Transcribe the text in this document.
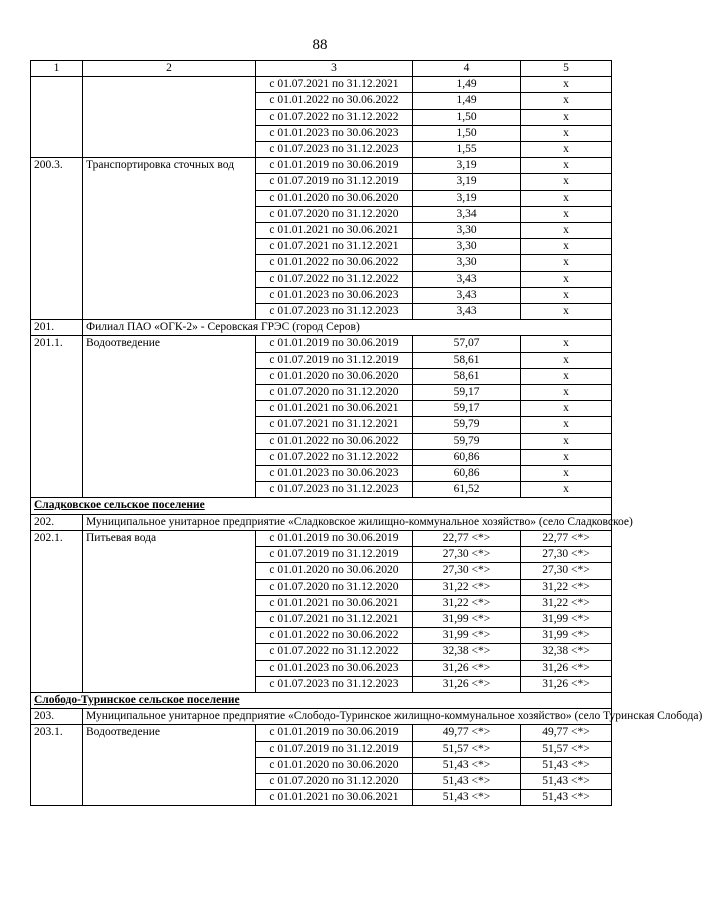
88
1	2	3	4	5
		с 01.07.2021 по 31.12.2021	1,49	х
		с 01.01.2022 по 30.06.2022	1,49	х
		с 01.07.2022 по 31.12.2022	1,50	х
		с 01.01.2023 по 30.06.2023	1,50	х
		с 01.07.2023 по 31.12.2023	1,55	х
200.3.	Транспортировка сточных вод	с 01.01.2019 по 30.06.2019	3,19	х
		с 01.07.2019 по 31.12.2019	3,19	х
		с 01.01.2020 по 30.06.2020	3,19	х
		с 01.07.2020 по 31.12.2020	3,34	х
		с 01.01.2021 по 30.06.2021	3,30	х
		с 01.07.2021 по 31.12.2021	3,30	х
		с 01.01.2022 по 30.06.2022	3,30	х
		с 01.07.2022 по 31.12.2022	3,43	х
		с 01.01.2023 по 30.06.2023	3,43	х
		с 01.07.2023 по 31.12.2023	3,43	х
201.	Филиал ПАО «ОГК-2» - Серовская ГРЭС (город Серов)			
201.1.	Водоотведение	с 01.01.2019 по 30.06.2019	57,07	х
		с 01.07.2019 по 31.12.2019	58,61	х
		с 01.01.2020 по 30.06.2020	58,61	х
		с 01.07.2020 по 31.12.2020	59,17	х
		с 01.01.2021 по 30.06.2021	59,17	х
		с 01.07.2021 по 31.12.2021	59,79	х
		с 01.01.2022 по 30.06.2022	59,79	х
		с 01.07.2022 по 31.12.2022	60,86	х
		с 01.01.2023 по 30.06.2023	60,86	х
		с 01.07.2023 по 31.12.2023	61,52	х
Сладковское сельское поселение				
202.	Муниципальное унитарное предприятие «Сладковское жилищно-коммунальное хозяйство» (село Сладковское)			
202.1.	Питьевая вода	с 01.01.2019 по 30.06.2019	22,77 <*>	22,77 <*>
		с 01.07.2019 по 31.12.2019	27,30 <*>	27,30 <*>
		с 01.01.2020 по 30.06.2020	27,30 <*>	27,30 <*>
		с 01.07.2020 по 31.12.2020	31,22 <*>	31,22 <*>
		с 01.01.2021 по 30.06.2021	31,22 <*>	31,22 <*>
		с 01.07.2021 по 31.12.2021	31,99 <*>	31,99 <*>
		с 01.01.2022 по 30.06.2022	31,99 <*>	31,99 <*>
		с 01.07.2022 по 31.12.2022	32,38 <*>	32,38 <*>
		с 01.01.2023 по 30.06.2023	31,26 <*>	31,26 <*>
		с 01.07.2023 по 31.12.2023	31,26 <*>	31,26 <*>
Слободо-Туринское сельское поселение				
203.	Муниципальное унитарное предприятие «Слободо-Туринское жилищно-коммунальное хозяйство» (село Туринская Слобода)			
203.1.	Водоотведение	с 01.01.2019 по 30.06.2019	49,77 <*>	49,77 <*>
		с 01.07.2019 по 31.12.2019	51,57 <*>	51,57 <*>
		с 01.01.2020 по 30.06.2020	51,43 <*>	51,43 <*>
		с 01.07.2020 по 31.12.2020	51,43 <*>	51,43 <*>
		с 01.01.2021 по 30.06.2021	51,43 <*>	51,43 <*>
